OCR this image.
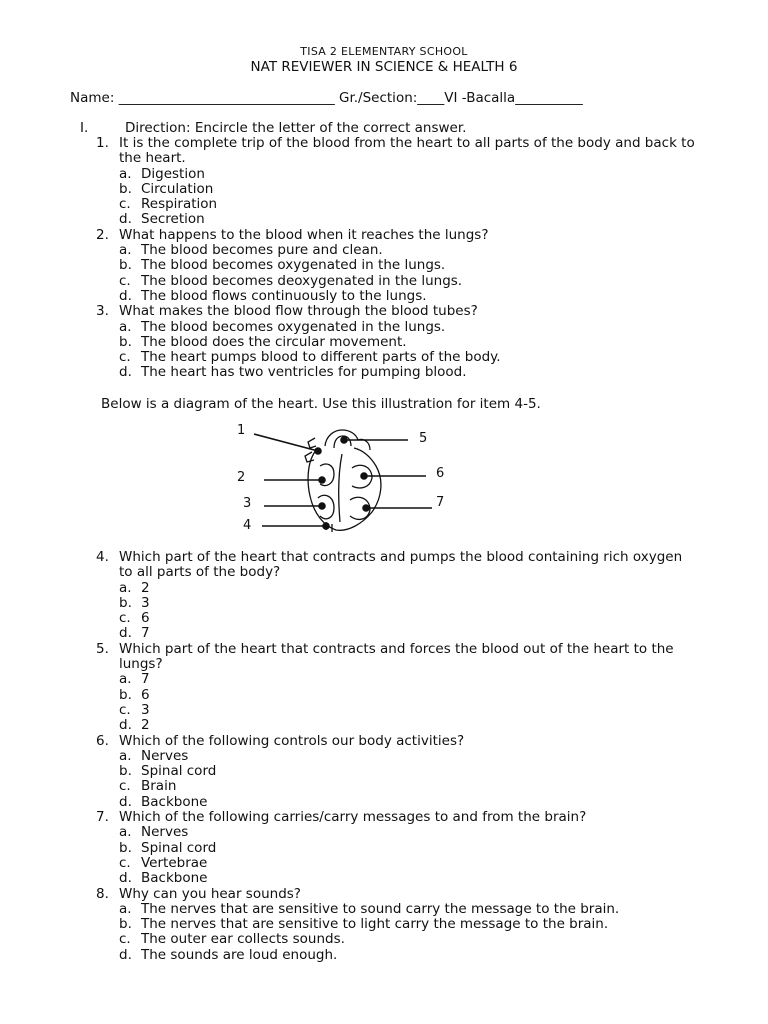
TISA 2 ELEMENTARY SCHOOL
NAT REVIEWER IN SCIENCE & HEALTH 6
Name: ________________________________ Gr./Section:____VI -Bacalla__________
I.	Direction: Encircle the letter of the correct answer.
1. It is the complete trip of the blood from the heart to all parts of the body and back to the heart.
a. Digestion
b. Circulation
c. Respiration
d. Secretion
2. What happens to the blood when it reaches the lungs?
a. The blood becomes pure and clean.
b. The blood becomes oxygenated in the lungs.
c. The blood becomes deoxygenated in the lungs.
d. The blood flows continuously to the lungs.
3. What makes the blood flow through the blood tubes?
a. The blood becomes oxygenated in the lungs.
b. The blood does the circular movement.
c. The heart pumps blood to different parts of the body.
d. The heart has two ventricles for pumping blood.
Below is a diagram of the heart. Use this illustration for item 4-5.
1
2
3
4
5
6
7
4. Which part of the heart that contracts and pumps the blood containing rich oxygen
to all parts of the body?
a. 2
b. 3
c. 6
d. 7
5. Which part of the heart that contracts and forces the blood out of the heart to the lungs?
a. 7
b. 6
c. 3
d. 2
6. Which of the following controls our body activities?
a. Nerves
b. Spinal cord
c. Brain
d. Backbone
7. Which of the following carries/carry messages to and from the brain?
a. Nerves
b. Spinal cord
c. Vertebrae
d. Backbone
8. Why can you hear sounds?
a. The nerves that are sensitive to sound carry the message to the brain.
b. The nerves that are sensitive to light carry the message to the brain.
c. The outer ear collects sounds.
d. The sounds are loud enough.
